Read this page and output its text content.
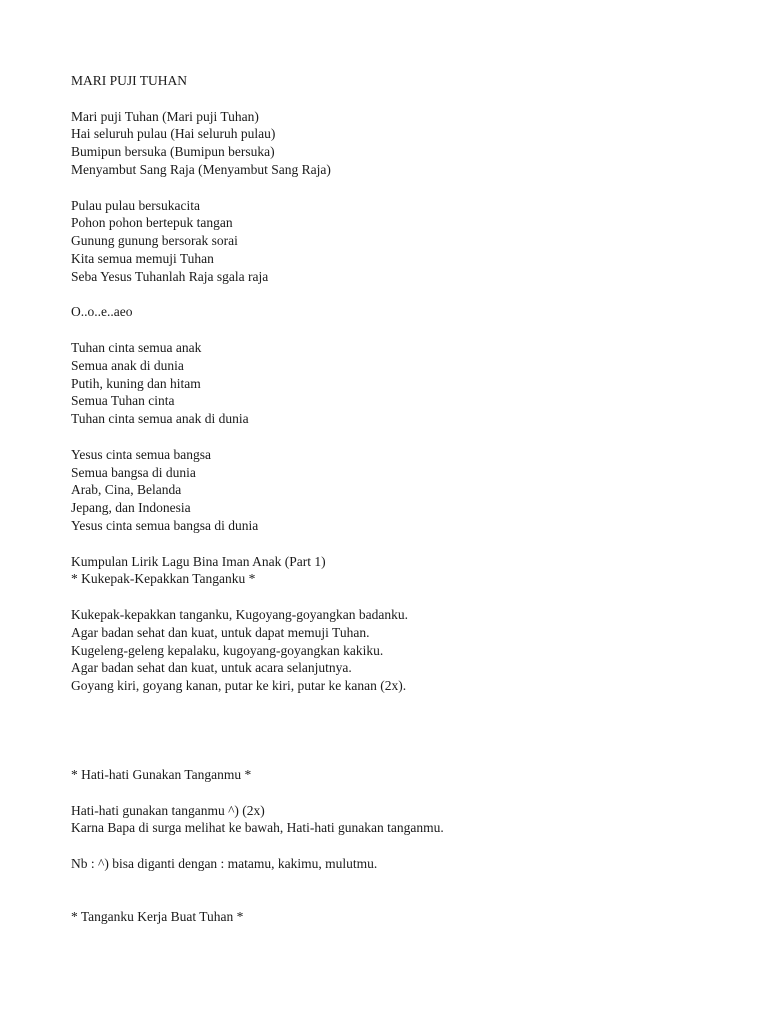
MARI PUJI TUHAN
Mari puji Tuhan (Mari puji Tuhan)
Hai seluruh pulau (Hai seluruh pulau)
Bumipun bersuka (Bumipun bersuka)
Menyambut Sang Raja (Menyambut Sang Raja)
Pulau pulau bersukacita
Pohon pohon bertepuk tangan
Gunung gunung bersorak sorai
Kita semua memuji Tuhan
Seba Yesus Tuhanlah Raja sgala raja
O..o..e..aeo
Tuhan cinta semua anak
Semua anak di dunia
Putih, kuning dan hitam
Semua Tuhan cinta
Tuhan cinta semua anak di dunia
Yesus cinta semua bangsa
Semua bangsa di dunia
Arab, Cina, Belanda
Jepang, dan Indonesia
Yesus cinta semua bangsa di dunia
Kumpulan Lirik Lagu Bina Iman Anak (Part 1)
* Kukepak-Kepakkan Tanganku *
Kukepak-kepakkan tanganku, Kugoyang-goyangkan badanku.
Agar badan sehat dan kuat, untuk dapat memuji Tuhan.
Kugeleng-geleng kepalaku, kugoyang-goyangkan kakiku.
Agar badan sehat dan kuat, untuk acara selanjutnya.
Goyang kiri, goyang kanan, putar ke kiri, putar ke kanan (2x).
* Hati-hati Gunakan Tanganmu *
Hati-hati gunakan tanganmu ^) (2x)
Karna Bapa di surga melihat ke bawah, Hati-hati gunakan tanganmu.
Nb : ^) bisa diganti dengan : matamu, kakimu, mulutmu.
* Tanganku Kerja Buat Tuhan *
